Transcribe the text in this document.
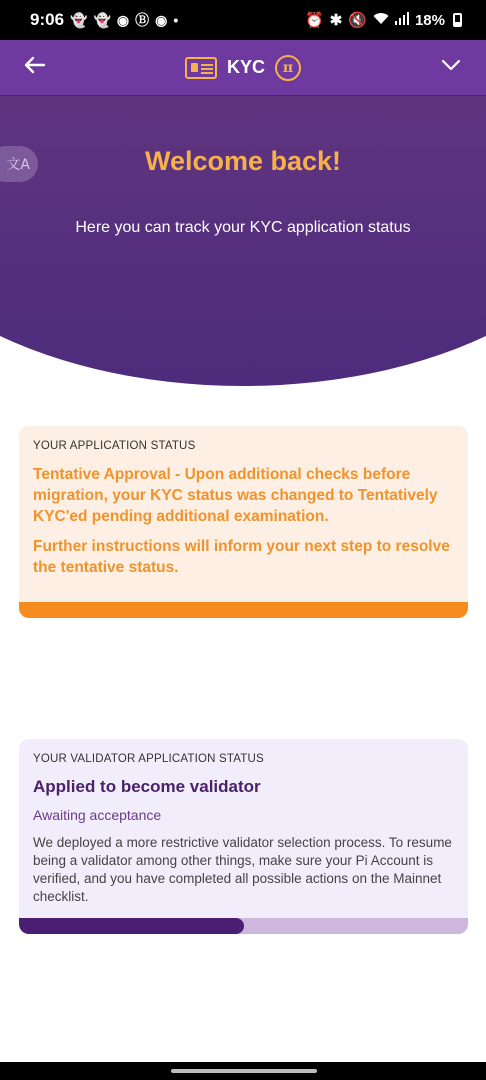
9:06 👻 👻 ◉ Ⓑ ◉ •	⏰ ✱ 🔇	18%
KYC π
文A	Welcome back!
Here you can track your KYC application status
YOUR APPLICATION STATUS
Tentative Approval - Upon additional checks before migration, your KYC status was changed to Tentatively KYC'ed pending additional examination.
Further instructions will inform your next step to resolve the tentative status.
YOUR VALIDATOR APPLICATION STATUS
Applied to become validator
Awaiting acceptance
We deployed a more restrictive validator selection process. To resume being a validator among other things, make sure your Pi Account is verified, and you have completed all possible actions on the Mainnet checklist.
